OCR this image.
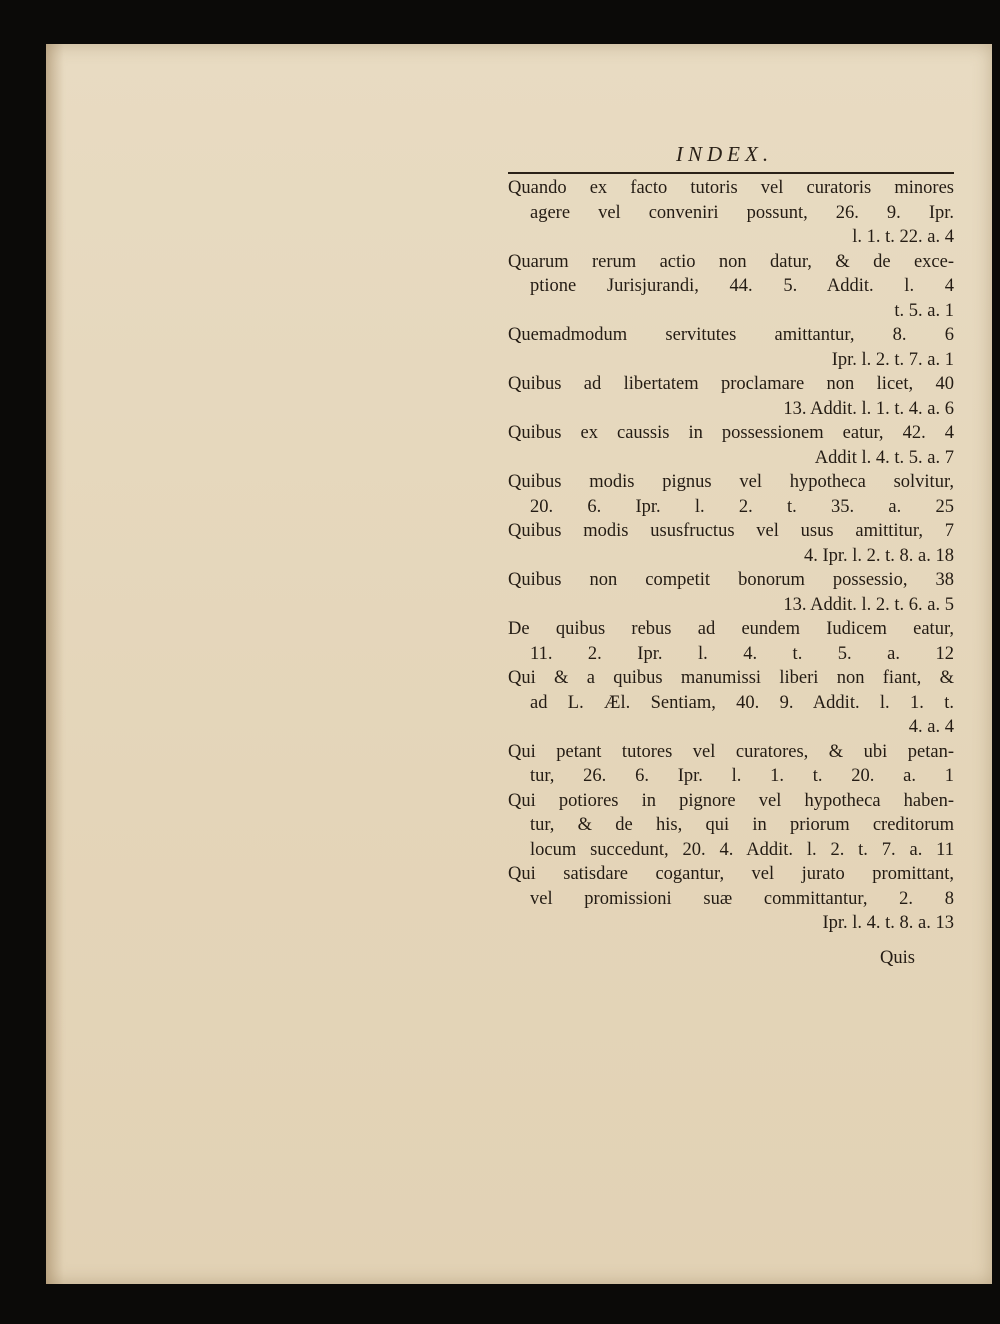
INDEX.
Quando ex facto tutoris vel curatoris minores
agere vel conveniri possunt, 26. 9. Ipr.
l. 1. t. 22. a. 4
Quarum rerum actio non datur, & de exce-
ptione Jurisjurandi, 44. 5. Addit. l. 4
t. 5. a. 1
Quemadmodum servitutes amittantur, 8. 6
Ipr. l. 2. t. 7. a. 1
Quibus ad libertatem proclamare non licet, 40
13. Addit. l. 1. t. 4. a. 6
Quibus ex caussis in possessionem eatur, 42. 4
Addit l. 4. t. 5. a. 7
Quibus modis pignus vel hypotheca solvitur,
20. 6. Ipr. l. 2. t. 35. a. 25
Quibus modis ususfructus vel usus amittitur, 7
4. Ipr. l. 2. t. 8. a. 18
Quibus non competit bonorum possessio, 38
13. Addit. l. 2. t. 6. a. 5
De quibus rebus ad eundem Iudicem eatur,
11. 2. Ipr. l. 4. t. 5. a. 12
Qui & a quibus manumissi liberi non fiant, &
ad L. Æl. Sentiam, 40. 9. Addit. l. 1. t.
4. a. 4
Qui petant tutores vel curatores, & ubi petan-
tur, 26. 6. Ipr. l. 1. t. 20. a. 1
Qui potiores in pignore vel hypotheca haben-
tur, & de his, qui in priorum creditorum
locum succedunt, 20. 4. Addit. l. 2. t. 7. a. 11
Qui satisdare cogantur, vel jurato promittant,
vel promissioni suæ committantur, 2. 8
Ipr. l. 4. t. 8. a. 13
Quis
